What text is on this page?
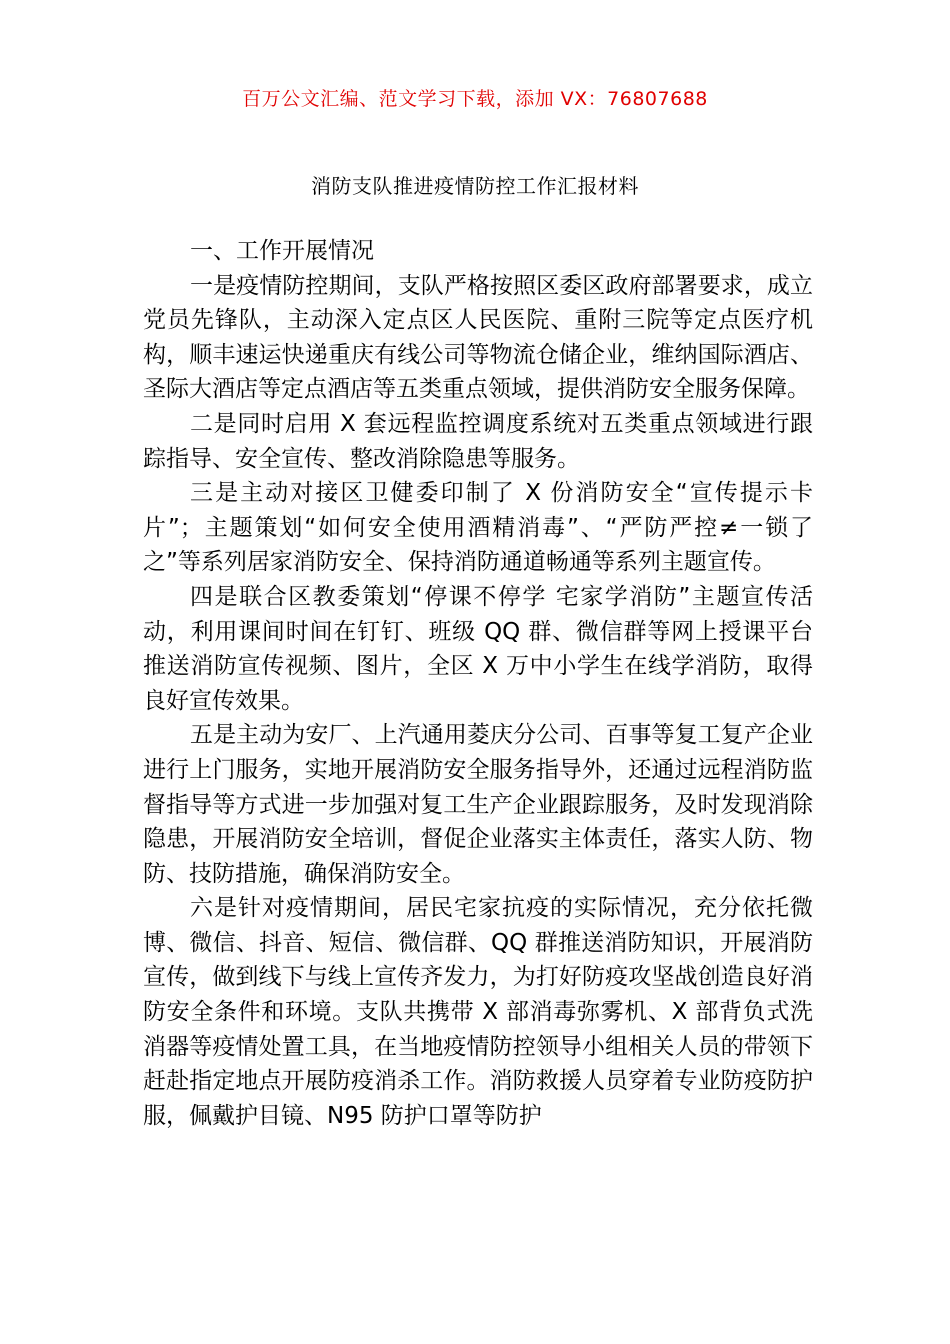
百万公文汇编、范文学习下载，添加 VX：76807688
消防支队推进疫情防控工作汇报材料

一、工作开展情况

一是疫情防控期间，支队严格按照区委区政府部署要求，成立党员先锋队，主动深入定点区人民医院、重附三院等定点医疗机构，顺丰速运快递重庆有线公司等物流仓储企业，维纳国际酒店、圣际大酒店等定点酒店等五类重点领域，提供消防安全服务保障。

二是同时启用 X 套远程监控调度系统对五类重点领域进行跟踪指导、安全宣传、整改消除隐患等服务。

三是主动对接区卫健委印制了 X 份消防安全“宣传提示卡片”；主题策划“如何安全使用酒精消毒”、“严防严控≠一锁了之”等系列居家消防安全、保持消防通道畅通等系列主题宣传。

四是联合区教委策划“停课不停学 宅家学消防”主题宣传活动，利用课间时间在钉钉、班级 QQ 群、微信群等网上授课平台推送消防宣传视频、图片，全区 X 万中小学生在线学消防，取得良好宣传效果。

五是主动为安厂、上汽通用菱庆分公司、百事等复工复产企业进行上门服务，实地开展消防安全服务指导外，还通过远程消防监督指导等方式进一步加强对复工生产企业跟踪服务，及时发现消除隐患，开展消防安全培训，督促企业落实主体责任，落实人防、物防、技防措施，确保消防安全。

六是针对疫情期间，居民宅家抗疫的实际情况，充分依托微博、微信、抖音、短信、微信群、QQ 群推送消防知识，开展消防宣传，做到线下与线上宣传齐发力，为打好防疫攻坚战创造良好消防安全条件和环境。支队共携带 X 部消毒弥雾机、X 部背负式洗消器等疫情处置工具，在当地疫情防控领导小组相关人员的带领下赶赴指定地点开展防疫消杀工作。消防救援人员穿着专业防疫防护服，佩戴护目镜、N95 防护口罩等防护
